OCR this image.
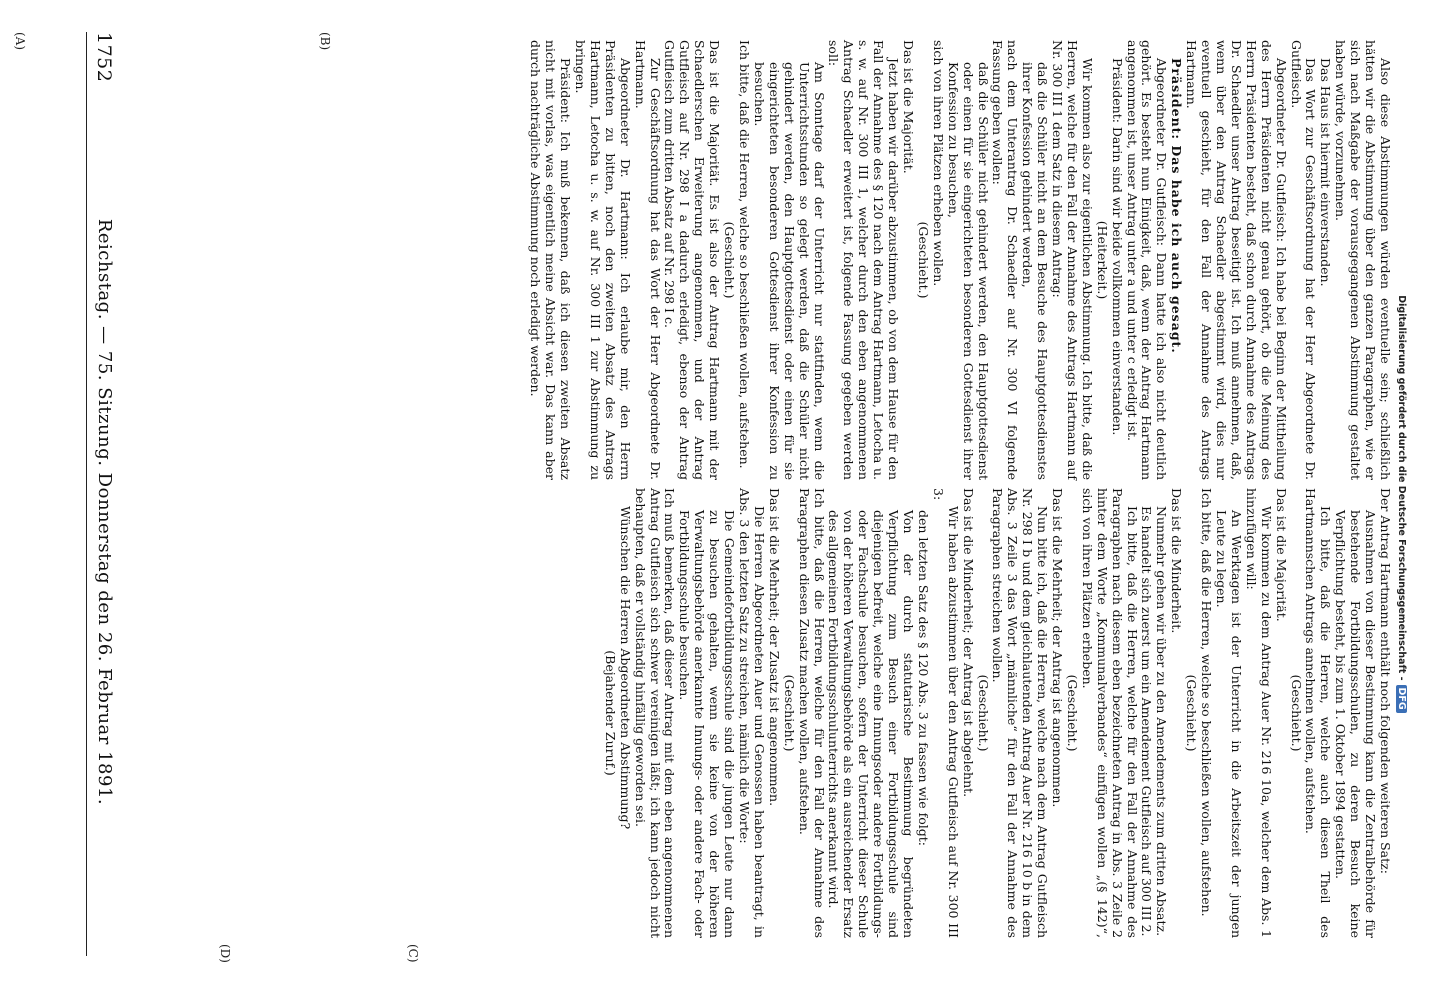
1752
Reichstag. — 75. Sitzung. Donnerstag den 26. Februar 1891.
(A)	(B)
(C)
(D)

Also diese Abstimmungen würden eventuelle sein; schließlich hätten wir die Abstimmung über den ganzen Paragraphen, wie er sich nach Maßgabe der vorausgegangenen Abstimmung gestaltet haben würde, vorzunehmen.

Das Haus ist hiermit einverstanden.

Das Wort zur Geschäftsordnung hat der Herr Abgeordnete Dr. Gutfleisch.

Abgeordneter Dr. Gutfleisch: Ich habe bei Beginn der Mittheilung des Herrn Präsidenten nicht genau gehört, ob die Meinung des Herrn Präsidenten besteht, daß schon durch Annahme des Antrags Dr. Schaedler unser Antrag beseitigt ist. Ich muß annehmen, daß, wenn über den Antrag Schaedler abgestimmt wird, dies nur eventuell geschieht, für den Fall der Annahme des Antrags Hartmann.

Präsident: Das habe ich auch gesagt.

Abgeordneter Dr. Gutfleisch: Dann hatte ich also nicht deutlich gehört. Es besteht nun Einigkeit, daß, wenn der Antrag Hartmann angenommen ist, unser Antrag unter a und unter c erledigt ist.

Präsident: Darin sind wir beide vollkommen einverstanden.

(Heiterkeit.)

Wir kommen also zur eigentlichen Abstimmung. Ich bitte, daß die Herren, welche für den Fall der Annahme des Antrags Hartmann auf Nr. 300 III 1 dem Satz in diesem Antrag:

daß die Schüler nicht an dem Besuche des Hauptgottesdienstes ihrer Konfession gehindert werden,

nach dem Unterantrag Dr. Schaedler auf Nr. 300 VI folgende Fassung geben wollen:

daß die Schüler nicht gehindert werden, den Hauptgottesdienst oder einen für sie eingerichteten besonderen Gottesdienst ihrer Konfession zu besuchen,

sich von ihren Plätzen erheben wollen.

(Geschieht.)

Das ist die Majorität.

Jetzt haben wir darüber abzustimmen, ob von dem Hause für den Fall der Annahme des § 120 nach dem Antrag Hartmann, Letocha u. s. w. auf Nr. 300 III 1, welcher durch den eben angenommenen Antrag Schaedler erweitert ist, folgende Fassung gegeben werden soll:

Am Sonntage darf der Unterricht nur stattfinden, wenn die Unterrichtsstunden so gelegt werden, daß die Schüler nicht gehindert werden, den Hauptgottesdienst oder einen für sie eingerichteten besonderen Gottesdienst ihrer Konfession zu besuchen.

Ich bitte, daß die Herren, welche so beschließen wollen, aufstehen.

(Geschieht.)

Das ist die Majorität. Es ist also der Antrag Hartmann mit der Schaedlerschen Erweiterung angenommen, und der Antrag Gutfleisch auf Nr. 298 I a dadurch erledigt, ebenso der Antrag Gutfleisch zum dritten Absatz auf Nr. 298 I c.

Zur Geschäftsordnung hat das Wort der Herr Abgeordnete Dr. Hartmann.

Abgeordneter Dr. Hartmann: Ich erlaube mir, den Herrn Präsidenten zu bitten, noch den zweiten Absatz des Antrags Hartmann, Letocha u. s. w. auf Nr. 300 III 1 zur Abstimmung zu bringen.

Präsident: Ich muß bekennen, daß ich diesen zweiten Absatz nicht mit vorlas, was eigentlich meine Absicht war. Das kann aber durch nachträgliche Abstimmung noch erledigt werden.

Der Antrag Hartmann enthält noch folgenden weiteren Satz:

Ausnahmen von dieser Bestimmung kann die Zentralbehörde für bestehende Fortbildungsschulen, zu deren Besuch keine Verpflichtung besteht, bis zum 1. Oktober 1894 gestatten.

Ich bitte, daß die Herren, welche auch diesen Theil des Hartmannschen Antrags annehmen wollen, aufstehen.

(Geschieht.)

Das ist die Majorität.

Wir kommen zu dem Antrag Auer Nr. 216 10a, welcher dem Abs. 1 hinzufügen will:

An Werktagen ist der Unterricht in die Arbeitszeit der jungen Leute zu legen.

Ich bitte, daß die Herren, welche so beschließen wollen, aufstehen.

(Geschieht.)

Das ist die Minderheit.

Nunmehr gehen wir über zu den Amendements zum dritten Absatz.

Es handelt sich zuerst um ein Amendement Gutfleisch auf 300 III 2.

Ich bitte, daß die Herren, welche für den Fall der Annahme des Paragraphen nach diesem eben bezeichneten Antrag in Abs. 3 Zeile 2 hinter dem Worte „Kommunalverbandes“ einfügen wollen „(§ 142)“, sich von ihren Plätzen erheben.

(Geschieht.)

Das ist die Mehrheit; der Antrag ist angenommen.

Nun bitte ich, daß die Herren, welche nach dem Antrag Gutfleisch Nr. 298 I b und dem gleichlautenden Antrag Auer Nr. 216 10 b in dem Abs. 3 Zeile 3 das Wort „männliche“ für den Fall der Annahme des Paragraphen streichen wollen.

(Geschieht.)

Das ist die Minderheit; der Antrag ist abgelehnt.

Wir haben abzustimmen über den Antrag Gutfleisch auf Nr. 300 III 3:

den letzten Satz des § 120 Abs. 3 zu fassen wie folgt:

Von der durch statutarische Bestimmung begründeten Verpflichtung zum Besuch einer Fortbildungsschule sind diejenigen befreit, welche eine Innungsoder andere Fortbildungs- oder Fachschule besuchen, sofern der Unterricht dieser Schule von der höheren Verwaltungsbehörde als ein ausreichender Ersatz des allgemeinen Fortbildungsschulunterrichts anerkannt wird.

Ich bitte, daß die Herren, welche für den Fall der Annahme des Paragraphen diesen Zusatz machen wollen, aufstehen.

(Geschieht.)

Das ist die Mehrheit; der Zusatz ist angenommen.

Die Herren Abgeordneten Auer und Genossen haben beantragt, in Abs. 3 den letzten Satz zu streichen, nämlich die Worte:

Die Gemeindefortbildungsschule sind die jungen Leute nur dann zu besuchen gehalten, wenn sie keine von der höheren Verwaltungsbehörde anerkannte Innungs- oder andere Fach- oder Fortbildungsschule besuchen.

Ich muß bemerken, daß dieser Antrag mit dem eben angenommenen Antrag Gutfleisch sich schwer vereinigen läßt; ich kann jedoch nicht behaupten, daß er vollständig hinfällig geworden sei.

Wünschen die Herren Abgeordneten Abstimmung?

(Bejahender Zuruf.)

Digitalisierung gefördert durch die Deutsche Forschungsgemeinschaft -DFG
